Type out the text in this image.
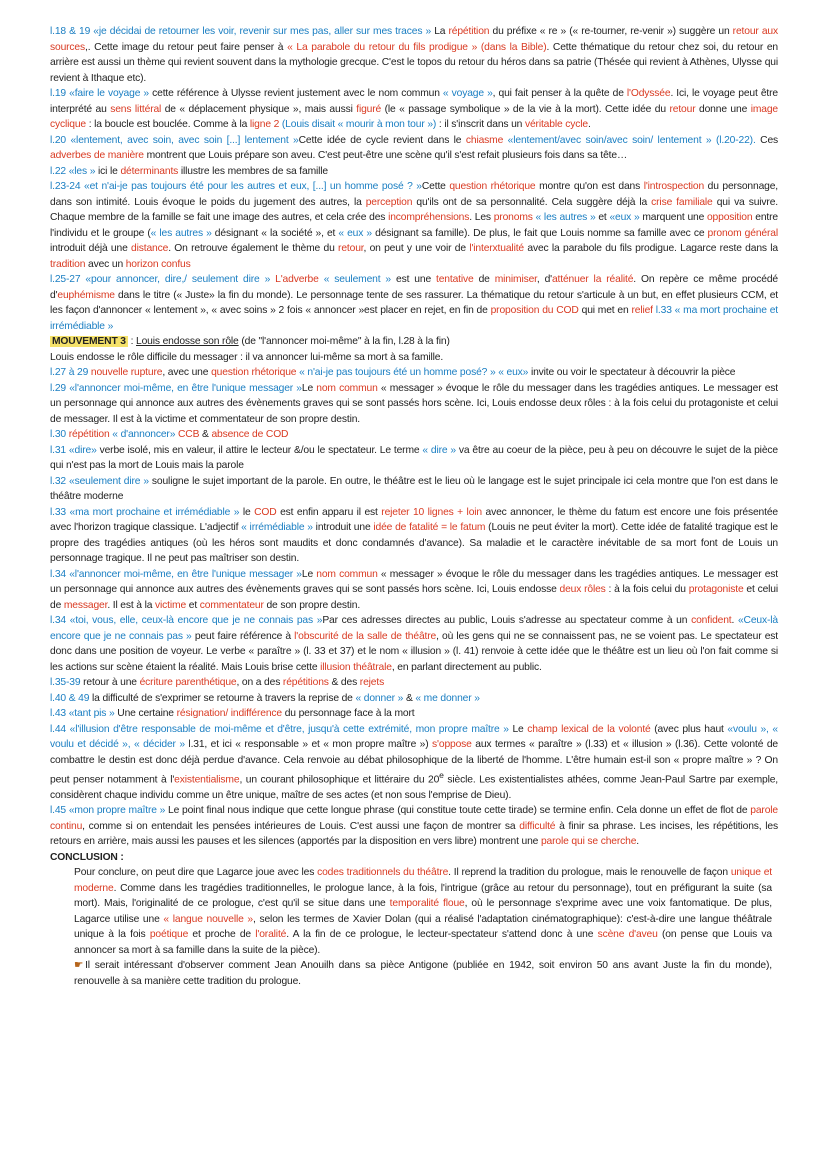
l.18 & 19 «je décidai de retourner les voir, revenir sur mes pas, aller sur mes traces » La répétition du préfixe « re » (« re-tourner, re-venir ») suggère un retour aux sources,. Cette image du retour peut faire penser à « La parabole du retour du fils prodigue » (dans la Bible). Cette thématique du retour chez soi, du retour en arrière est aussi un thème qui revient souvent dans la mythologie grecque. C'est le topos du retour du héros dans sa patrie (Thésée qui revient à Athènes, Ulysse qui revient à Ithaque etc).

l.19 «faire le voyage » cette référence à Ulysse revient justement avec le nom commun « voyage », qui fait penser à la quête de l'Odyssée. Ici, le voyage peut être interprété au sens littéral de « déplacement physique », mais aussi figuré (le « passage symbolique » de la vie à la mort). Cette idée du retour donne une image cyclique : la boucle est bouclée. Comme à la ligne 2 (Louis disait « mourir à mon tour ») : il s'inscrit dans un véritable cycle.

l.20 «lentement, avec soin, avec soin [...] lentement »Cette idée de cycle revient dans le chiasme «lentement/avec soin/avec soin/ lentement » (l.20-22). Ces adverbes de manière montrent que Louis prépare son aveu. C'est peut-être une scène qu'il s'est refait plusieurs fois dans sa tête…

l.22 «les » ici le déterminants illustre les membres de sa famille

l.23-24 «et n'ai-je pas toujours été pour les autres et eux, [...] un homme posé ? »Cette question rhétorique montre qu'on est dans l'introspection du personnage, dans son intimité. Louis évoque le poids du jugement des autres, la perception qu'ils ont de sa personnalité. Cela suggère déjà la crise familiale qui va suivre. Chaque membre de la famille se fait une image des autres, et cela crée des incompréhensions. Les pronoms « les autres » et «eux » marquent une opposition entre l'individu et le groupe (« les autres » désignant « la société », et « eux » désignant sa famille). De plus, le fait que Louis nomme sa famille avec ce pronom général introduit déjà une distance. On retrouve également le thème du retour, on peut y une voir de l'interxtualité avec la parabole du fils prodigue. Lagarce reste dans la tradition avec un horizon confus

l.25-27 «pour annoncer, dire,/ seulement dire » L'adverbe « seulement » est une tentative de minimiser, d'atténuer la réalité. On repère ce même procédé d'euphémisme dans le titre (« Juste» la fin du monde). Le personnage tente de ses rassurer. La thématique du retour s'articule à un but, en effet plusieurs CCM, et les façon d'annoncer « lentement », « avec soins » 2 fois « annoncer »est placer en rejet, en fin de proposition du COD qui met en relief l.33 « ma mort prochaine et irrémédiable »

MOUVEMENT 3 : Louis endosse son rôle (de "l'annoncer moi-même" à la fin, l.28 à la fin)

Louis endosse le rôle difficile du messager : il va annoncer lui-même sa mort à sa famille.

l.27 à 29 nouvelle rupture, avec une question rhétorique « n'ai-je pas toujours été un homme posé? » « eux» invite ou voir le spectateur à découvrir la pièce

l.29 «l'annoncer moi-même, en être l'unique messager »Le nom commun « messager » évoque le rôle du messager dans les tragédies antiques. Le messager est un personnage qui annonce aux autres des évènements graves qui se sont passés hors scène. Ici, Louis endosse deux rôles : à la fois celui du protagoniste et celui de messager. Il est à la victime et commentateur de son propre destin.

l.30 répétition « d'annoncer» CCB & absence de COD

l.31 «dire» verbe isolé, mis en valeur, il attire le lecteur &/ou le spectateur. Le terme « dire » va être au coeur de la pièce, peu à peu on découvre le sujet de la pièce qui n'est pas la mort de Louis mais la parole

l.32 «seulement dire » souligne le sujet important de la parole. En outre, le théâtre est le lieu où le langage est le sujet principale ici cela montre que l'on est dans le théâtre moderne

l.33 «ma mort prochaine et irrémédiable » le COD est enfin apparu il est rejeter 10 lignes + loin avec annoncer, le thème du fatum est encore une fois présentée avec l'horizon tragique classique. L'adjectif « irrémédiable » introduit une idée de fatalité = le fatum (Louis ne peut éviter la mort). Cette idée de fatalité tragique est le propre des tragédies antiques (où les héros sont maudits et donc condamnés d'avance). Sa maladie et le caractère inévitable de sa mort font de Louis un personnage tragique. Il ne peut pas maîtriser son destin.

l.34 «l'annoncer moi-même, en être l'unique messager »Le nom commun « messager » évoque le rôle du messager dans les tragédies antiques. Le messager est un personnage qui annonce aux autres des évènements graves qui se sont passés hors scène. Ici, Louis endosse deux rôles : à la fois celui du protagoniste et celui de messager. Il est à la victime et commentateur de son propre destin.

l.34 «toi, vous, elle, ceux-là encore que je ne connais pas »Par ces adresses directes au public, Louis s'adresse au spectateur comme à un confident. «Ceux-là encore que je ne connais pas » peut faire référence à l'obscurité de la salle de théâtre, où les gens qui ne se connaissent pas, ne se voient pas. Le spectateur est donc dans une position de voyeur. Le verbe « paraître » (l. 33 et 37) et le nom « illusion » (l. 41) renvoie à cette idée que le théâtre est un lieu où l'on fait comme si les actions sur scène étaient la réalité. Mais Louis brise cette illusion théâtrale, en parlant directement au public.

l.35-39 retour à une écriture parenthétique, on a des répétitions & des rejets

l.40 & 49 la difficulté de s'exprimer se retourne à travers la reprise de « donner » & « me donner »

l.43 «tant pis » Une certaine résignation/ indifférence du personnage face à la mort

l.44 «l'illusion d'être responsable de moi-même et d'être, jusqu'à cette extrémité, mon propre maître » Le champ lexical de la volonté (avec plus haut «voulu », « voulu et décidé », « décider » l.31, et ici « responsable » et « mon propre maître ») s'oppose aux termes « paraître » (l.33) et « illusion » (l.36). Cette volonté de combattre le destin est donc déjà perdue d'avance. Cela renvoie au débat philosophique de la liberté de l'homme. L'être humain est-il son « propre maître » ? On peut penser notamment à l'existentialisme, un courant philosophique et littéraire du 20e siècle. Les existentialistes athées, comme Jean-Paul Sartre par exemple, considèrent chaque individu comme un être unique, maître de ses actes (et non sous l'emprise de Dieu).

l.45 «mon propre maître » Le point final nous indique que cette longue phrase (qui constitue toute cette tirade) se termine enfin. Cela donne un effet de flot de parole continu, comme si on entendait les pensées intérieures de Louis. C'est aussi une façon de montrer sa difficulté à finir sa phrase. Les incises, les répétitions, les retours en arrière, mais aussi les pauses et les silences (apportés par la disposition en vers libre) montrent une parole qui se cherche.

CONCLUSION :

Pour conclure, on peut dire que Lagarce joue avec les codes traditionnels du théâtre. Il reprend la tradition du prologue, mais le renouvelle de façon unique et moderne. Comme dans les tragédies traditionnelles, le prologue lance, à la fois, l'intrigue (grâce au retour du personnage), tout en préfigurant la suite (sa mort). Mais, l'originalité de ce prologue, c'est qu'il se situe dans une temporalité floue, où le personnage s'exprime avec une voix fantomatique. De plus, Lagarce utilise une « langue nouvelle », selon les termes de Xavier Dolan (qui a réalisé l'adaptation cinématographique): c'est-à-dire une langue théâtrale unique à la fois poétique et proche de l'oralité. A la fin de ce prologue, le lecteur-spectateur s'attend donc à une scène d'aveu (on pense que Louis va annoncer sa mort à sa famille dans la suite de la pièce).

☛ Il serait intéressant d'observer comment Jean Anouilh dans sa pièce Antigone (publiée en 1942, soit environ 50 ans avant Juste la fin du monde), renouvelle à sa manière cette tradition du prologue.
